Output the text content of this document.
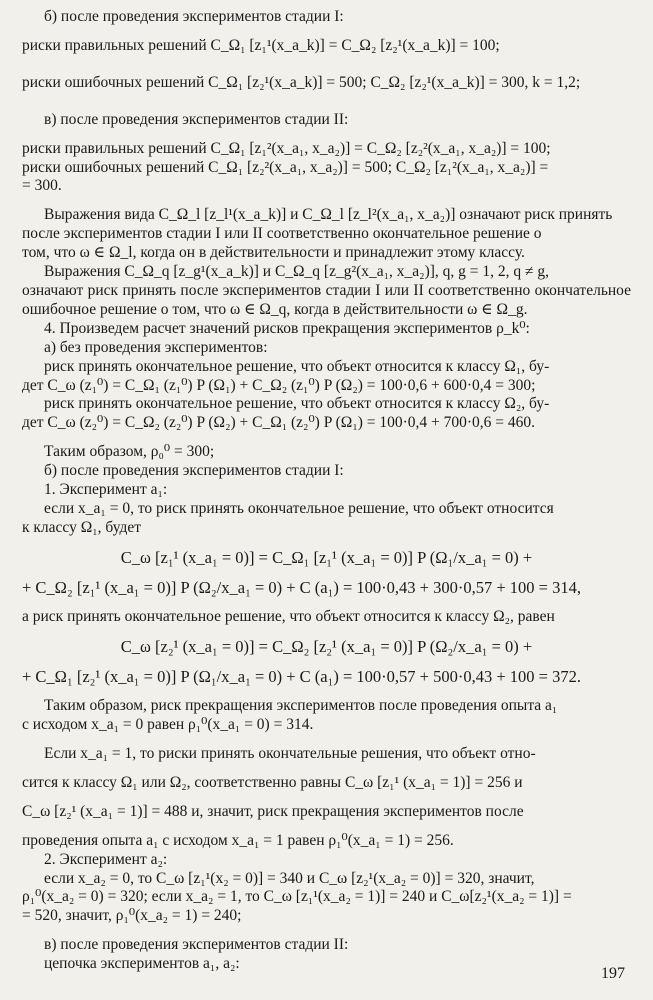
б) после проведения экспериментов стадии I:

риски правильных решений C_Ω₁ [z₁¹(x_a_k)] = C_Ω₂ [z₂¹(x_a_k)] = 100;

риски ошибочных решений C_Ω₁ [z₂¹(x_a_k)] = 500; C_Ω₂ [z₂¹(x_a_k)] = 300, k = 1,2;

в) после проведения экспериментов стадии II:

риски правильных решений C_Ω₁ [z₁²(x_a₁, x_a₂)] = C_Ω₂ [z₂²(x_a₁, x_a₂)] = 100;

риски ошибочных решений C_Ω₁ [z₂²(x_a₁, x_a₂)] = 500; C_Ω₂ [z₁²(x_a₁, x_a₂)] =

= 300.

Выражения вида C_Ω_l [z_l¹(x_a_k)] и C_Ω_l [z_l²(x_a₁, x_a₂)] означают риск принять

после экспериментов стадии I или II соответственно окончательное решение о

том, что ω ∈ Ω_l, когда он в действительности и принадлежит этому классу.

Выражения C_Ω_q [z_g¹(x_a_k)] и C_Ω_q [z_g²(x_a₁, x_a₂)], q, g = 1, 2, q ≠ g,

означают риск принять после экспериментов стадии I или II соответственно окончательное ошибочное решение о том, что ω ∈ Ω_q, когда в действительности ω ∈ Ω_g.

4. Произведем расчет значений рисков прекращения экспериментов ρ_k⁰:

а) без проведения экспериментов:

риск принять окончательное решение, что объект относится к классу Ω₁, бу-

дет C_ω (z₁⁰) = C_Ω₁ (z₁⁰) P (Ω₁) + C_Ω₂ (z₁⁰) P (Ω₂) = 100·0,6 + 600·0,4 = 300;

риск принять окончательное решение, что объект относится к классу Ω₂, бу-

дет C_ω (z₂⁰) = C_Ω₂ (z₂⁰) P (Ω₂) + C_Ω₁ (z₂⁰) P (Ω₁) = 100·0,4 + 700·0,6 = 460.

Таким образом, ρ₀⁰ = 300;

б) после проведения экспериментов стадии I:

1. Эксперимент a₁:

если x_a₁ = 0, то риск принять окончательное решение, что объект относится

к классу Ω₁, будет

C_ω [z₁¹ (x_a₁ = 0)] = C_Ω₁ [z₁¹ (x_a₁ = 0)] P (Ω₁/x_a₁ = 0) +

+ C_Ω₂ [z₁¹ (x_a₁ = 0)] P (Ω₂/x_a₁ = 0) + C (a₁) = 100·0,43 + 300·0,57 + 100 = 314,

а риск принять окончательное решение, что объект относится к классу Ω₂, равен

C_ω [z₂¹ (x_a₁ = 0)] = C_Ω₂ [z₂¹ (x_a₁ = 0)] P (Ω₂/x_a₁ = 0) +

+ C_Ω₁ [z₂¹ (x_a₁ = 0)] P (Ω₁/x_a₁ = 0) + C (a₁) = 100·0,57 + 500·0,43 + 100 = 372.

Таким образом, риск прекращения экспериментов после проведения опыта a₁

с исходом x_a₁ = 0 равен ρ₁⁰(x_a₁ = 0) = 314.

Если x_a₁ = 1, то риски принять окончательные решения, что объект отно-

сится к классу Ω₁ или Ω₂, соответственно равны C_ω [z₁¹ (x_a₁ = 1)] = 256 и

C_ω [z₂¹ (x_a₁ = 1)] = 488 и, значит, риск прекращения экспериментов после

проведения опыта a₁ с исходом x_a₁ = 1 равен ρ₁⁰(x_a₁ = 1) = 256.

2. Эксперимент a₂:

если x_a₂ = 0, то C_ω [z₁¹(x₂ = 0)] = 340 и C_ω [z₂¹(x_a₂ = 0)] = 320, значит,

ρ₁⁰(x_a₂ = 0) = 320; если x_a₂ = 1, то C_ω [z₁¹(x_a₂ = 1)] = 240 и C_ω[z₂¹(x_a₂ = 1)] =

= 520, значит, ρ₁⁰(x_a₂ = 1) = 240;

в) после проведения экспериментов стадии II:

цепочка экспериментов a₁, a₂:

197
